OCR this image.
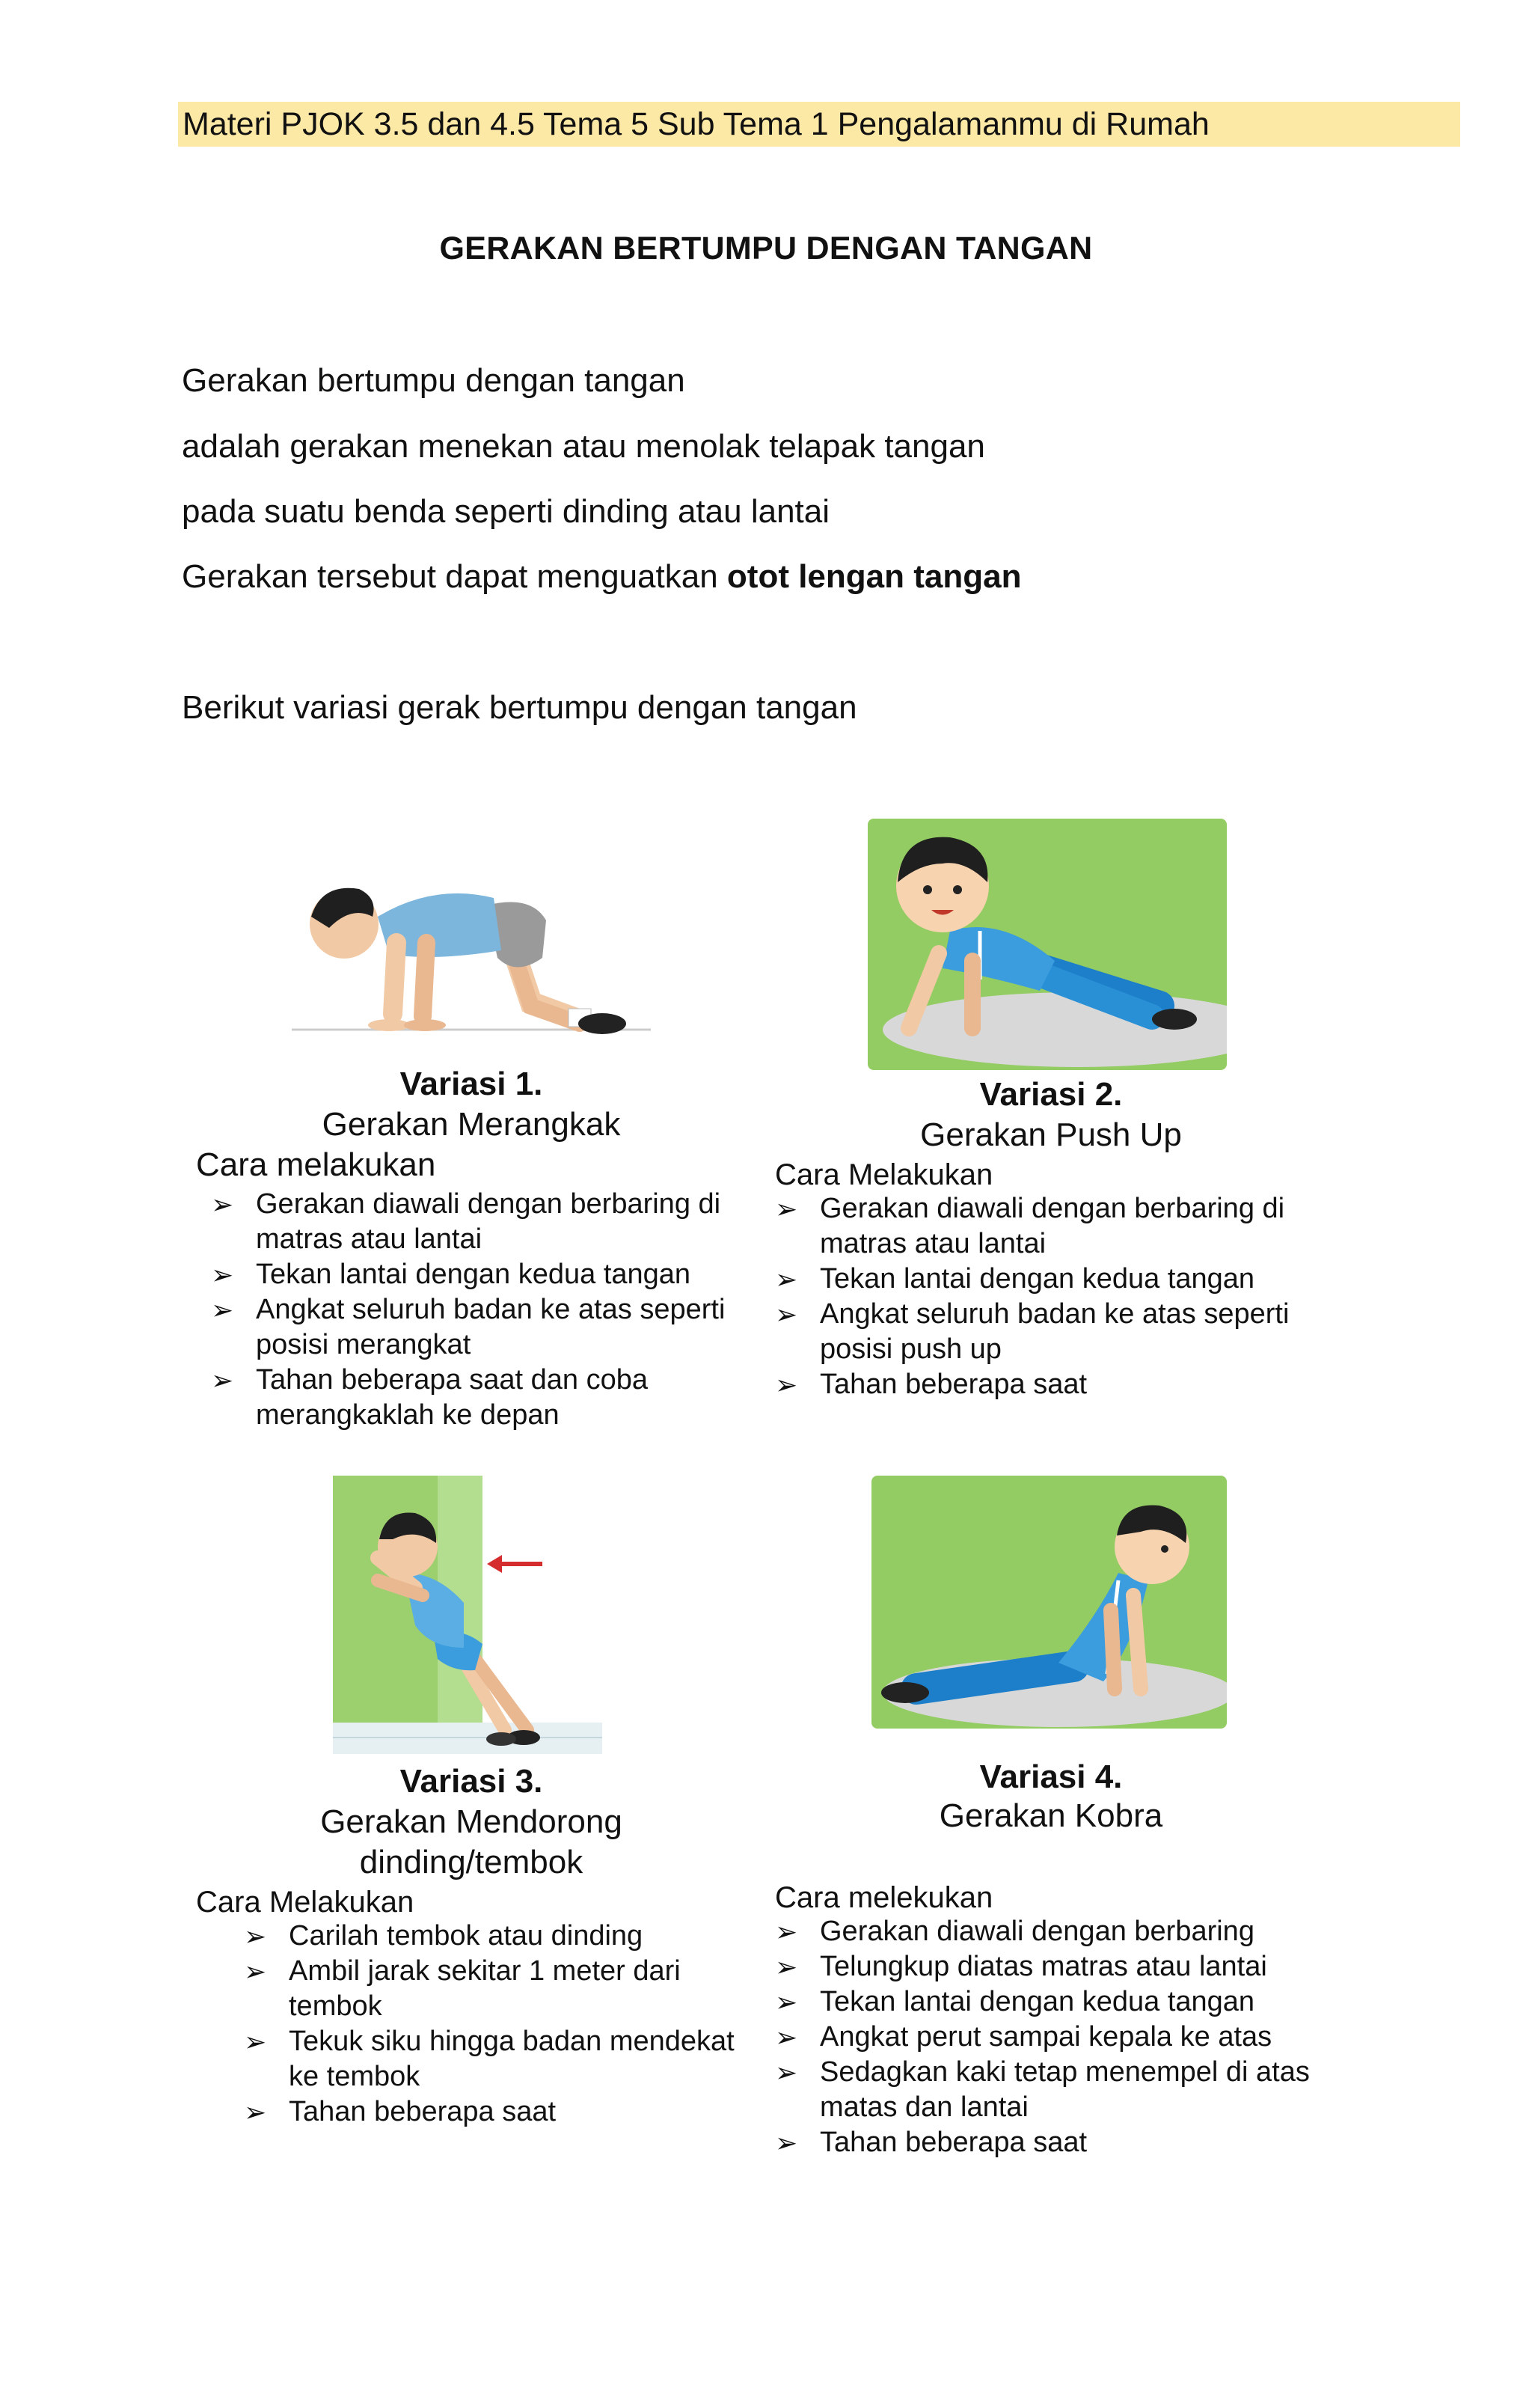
Materi PJOK 3.5 dan 4.5 Tema 5 Sub Tema 1 Pengalamanmu di Rumah
GERAKAN BERTUMPU DENGAN TANGAN
Gerakan bertumpu dengan tangan
adalah gerakan menekan atau menolak telapak tangan
pada suatu benda seperti dinding atau lantai
Gerakan tersebut dapat menguatkan otot lengan tangan
Berikut variasi gerak bertumpu dengan tangan
Variasi 1.
Gerakan Merangkak
Cara melakukan
➢ Gerakan diawali dengan berbaring di matras atau lantai
➢ Tekan lantai dengan kedua tangan
➢ Angkat seluruh badan ke atas seperti posisi merangkat
➢ Tahan beberapa saat dan coba merangkaklah ke depan
Variasi 2.
Gerakan Push Up
Cara Melakukan
➢ Gerakan diawali dengan berbaring di matras atau lantai
➢ Tekan lantai dengan kedua tangan
➢ Angkat seluruh badan ke atas seperti posisi push up
➢ Tahan beberapa saat
Variasi 3.
Gerakan Mendorong
dinding/tembok
Cara Melakukan
➢ Carilah tembok atau dinding
➢ Ambil jarak sekitar 1 meter dari tembok
➢ Tekuk siku hingga badan mendekat ke tembok
➢ Tahan beberapa saat
Variasi 4.
Gerakan Kobra
Cara melekukan
➢ Gerakan diawali dengan berbaring
➢ Telungkup diatas matras atau lantai
➢ Tekan lantai dengan kedua tangan
➢ Angkat perut sampai kepala ke atas
➢ Sedagkan kaki tetap menempel di atas matas dan lantai
➢ Tahan beberapa saat
